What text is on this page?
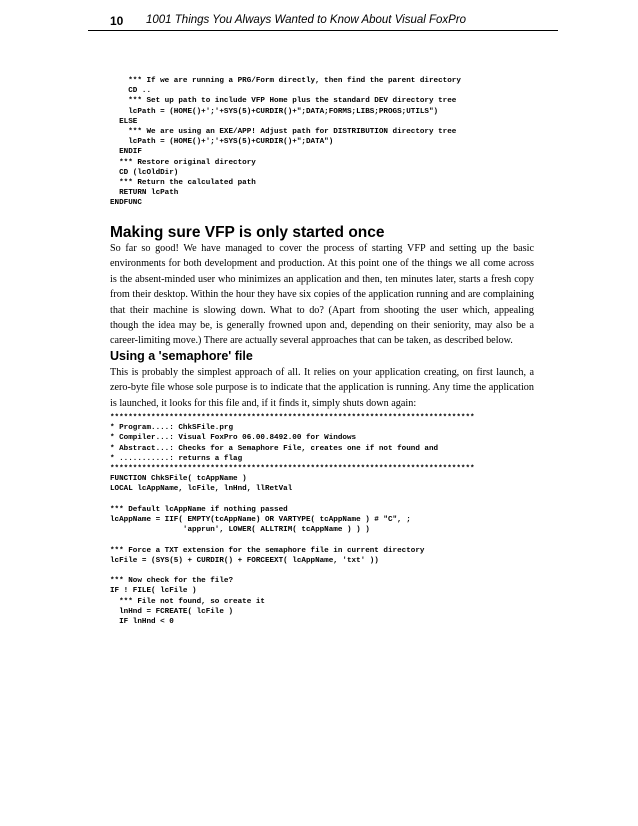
10 1001 Things You Always Wanted to Know About Visual FoxPro
*** If we are running a PRG/Form directly, then find the parent directory
CD ..
*** Set up path to include VFP Home plus the standard DEV directory tree
lcPath = (HOME()+';'+SYS(5)+CURDIR()+";DATA;FORMS;LIBS;PROGS;UTILS")
ELSE
*** We are using an EXE/APP! Adjust path for DISTRIBUTION directory tree
lcPath = (HOME()+';'+SYS(5)+CURDIR()+";DATA")
ENDIF
*** Restore original directory
CD (lcOldDir)
*** Return the calculated path
RETURN lcPath
ENDFUNC
Making sure VFP is only started once

So far so good! We have managed to cover the process of starting VFP and setting up the basic environments for both development and production. At this point one of the things we all come across is the absent-minded user who minimizes an application and then, ten minutes later, starts a fresh copy from their desktop. Within the hour they have six copies of the application running and are complaining that their machine is slowing down. What to do? (Apart from shooting the user which, appealing though the idea may be, is generally frowned upon and, depending on their seniority, may also be a career-limiting move.) There are actually several approaches that can be taken, as described below.

Using a 'semaphore' file

This is probably the simplest approach of all. It relies on your application creating, on first launch, a zero-byte file whose sole purpose is to indicate that the application is running. Any time the application is launched, it looks for this file and, if it finds it, simply shuts down again:

********************************************************************************
* Program....: ChkSFile.prg
* Compiler...: Visual FoxPro 06.00.8492.00 for Windows
* Abstract...: Checks for a Semaphore File, creates one if not found and
* ...........: returns a flag
********************************************************************************
FUNCTION ChkSFile( tcAppName )
LOCAL lcAppName, lcFile, lnHnd, llRetVal

*** Default lcAppName if nothing passed
lcAppName = IIF( EMPTY(tcAppName) OR VARTYPE( tcAppName ) # "C", ;
'apprun', LOWER( ALLTRIM( tcAppName ) ) )

*** Force a TXT extension for the semaphore file in current directory
lcFile = (SYS(5) + CURDIR() + FORCEEXT( lcAppName, 'txt' ))

*** Now check for the file?
IF ! FILE( lcFile )
*** File not found, so create it
lnHnd = FCREATE( lcFile )
IF lnHnd < 0
